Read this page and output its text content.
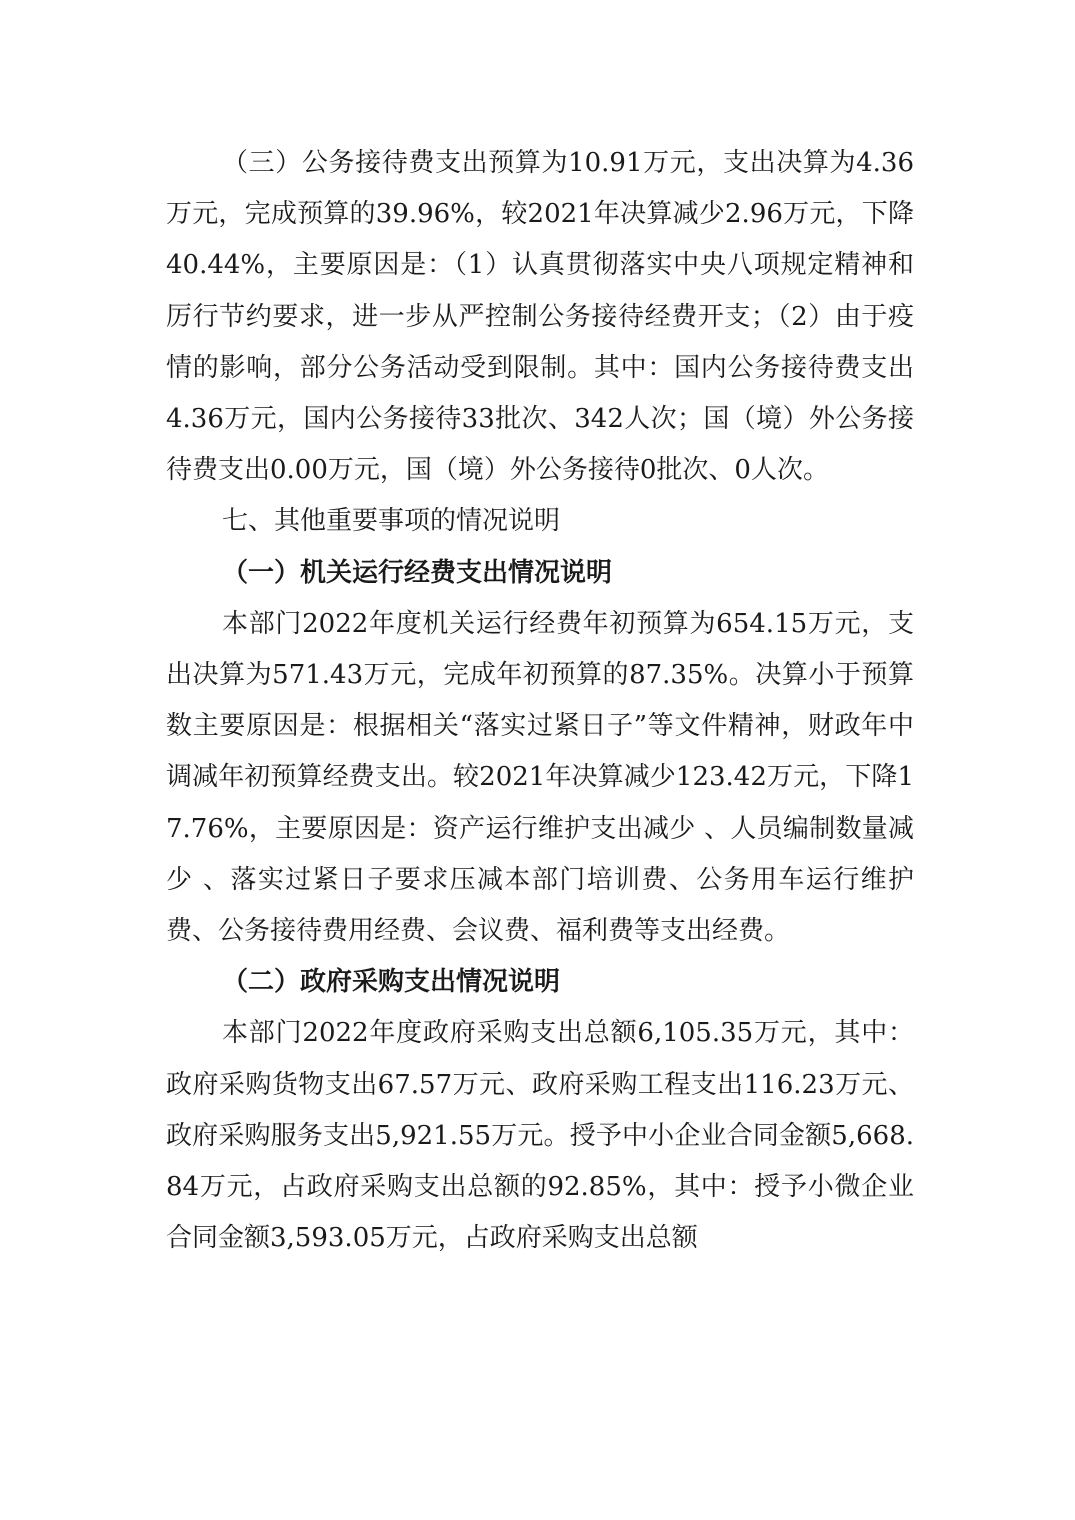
（三）公务接待费支出预算为10.91万元，支出决算为4.36万元，完成预算的39.96%，较2021年决算减少2.96万元，下降40.44%，主要原因是：（1）认真贯彻落实中央八项规定精神和厉行节约要求，进一步从严控制公务接待经费开支；（2）由于疫情的影响，部分公务活动受到限制。其中：国内公务接待费支出4.36万元，国内公务接待33批次、342人次；国（境）外公务接待费支出0.00万元，国（境）外公务接待0批次、0人次。

七、其他重要事项的情况说明

（一）机关运行经费支出情况说明

本部门2022年度机关运行经费年初预算为654.15万元，支出决算为571.43万元，完成年初预算的87.35%。决算小于预算数主要原因是：根据相关“落实过紧日子”等文件精神，财政年中调减年初预算经费支出。较2021年决算减少123.42万元，下降17.76%，主要原因是：资产运行维护支出减少 、人员编制数量减少 、落实过紧日子要求压减本部门培训费、公务用车运行维护费、公务接待费用经费、会议费、福利费等支出经费。

（二）政府采购支出情况说明

本部门2022年度政府采购支出总额6,105.35万元，其中：政府采购货物支出67.57万元、政府采购工程支出116.23万元、政府采购服务支出5,921.55万元。授予中小企业合同金额5,668.84万元，占政府采购支出总额的92.85%，其中：授予小微企业合同金额3,593.05万元，占政府采购支出总额
